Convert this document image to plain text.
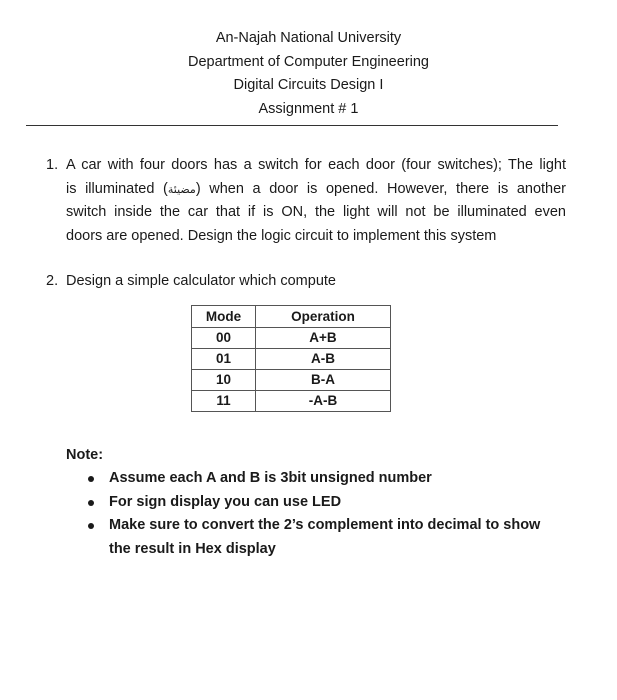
An-Najah National University
Department of Computer Engineering
Digital Circuits Design I
Assignment # 1
1. A car with four doors has a switch for each door (four switches); The light
is illuminated (مضيئة) when a door is opened. However, there is another
switch inside the car that if is ON, the light will not be illuminated even
doors are opened. Design the logic circuit to implement this system
2. Design a simple calculator which compute
Mode	Operation
00	A+B
01	A-B
10	B-A
11	-A-B
Note:
Assume each A and B is 3bit unsigned number
For sign display you can use LED
Make sure to convert the 2’s complement into decimal to show the result in Hex display
